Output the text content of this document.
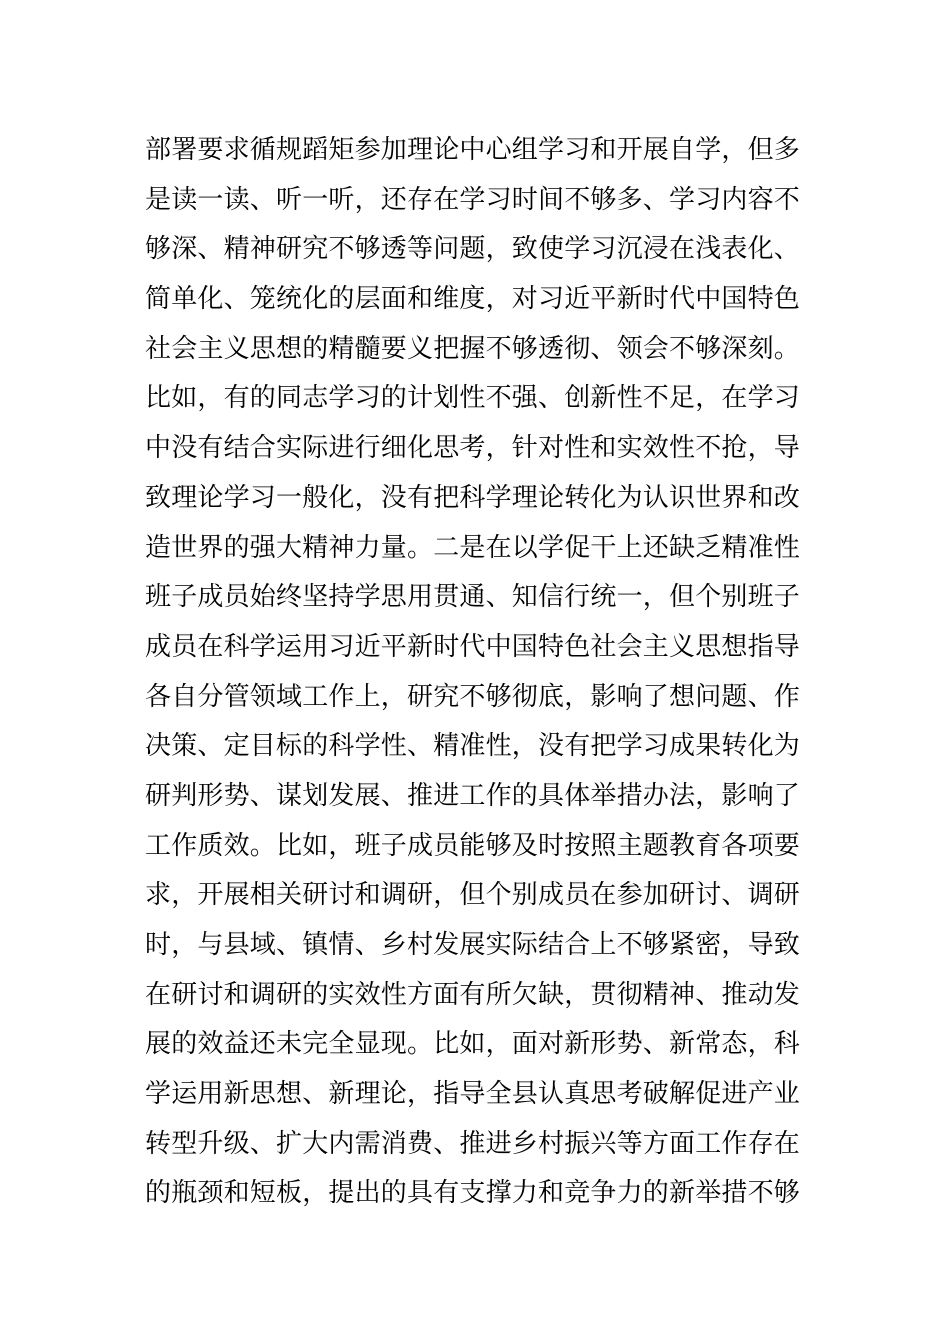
部署要求循规蹈矩参加理论中心组学习和开展自学，但多
是读一读、听一听，还存在学习时间不够多、学习内容不
够深、精神研究不够透等问题，致使学习沉浸在浅表化、
简单化、笼统化的层面和维度，对习近平新时代中国特色
社会主义思想的精髓要义把握不够透彻、领会不够深刻。
比如，有的同志学习的计划性不强、创新性不足，在学习
中没有结合实际进行细化思考，针对性和实效性不抢，导
致理论学习一般化，没有把科学理论转化为认识世界和改
造世界的强大精神力量。二是在以学促干上还缺乏精准性
班子成员始终坚持学思用贯通、知信行统一，但个别班子
成员在科学运用习近平新时代中国特色社会主义思想指导
各自分管领域工作上，研究不够彻底，影响了想问题、作
决策、定目标的科学性、精准性，没有把学习成果转化为
研判形势、谋划发展、推进工作的具体举措办法，影响了
工作质效。比如，班子成员能够及时按照主题教育各项要
求，开展相关研讨和调研，但个别成员在参加研讨、调研
时，与县域、镇情、乡村发展实际结合上不够紧密，导致
在研讨和调研的实效性方面有所欠缺，贯彻精神、推动发
展的效益还未完全显现。比如，面对新形势、新常态，科
学运用新思想、新理论，指导全县认真思考破解促进产业
转型升级、扩大内需消费、推进乡村振兴等方面工作存在
的瓶颈和短板，提出的具有支撑力和竞争力的新举措不够
